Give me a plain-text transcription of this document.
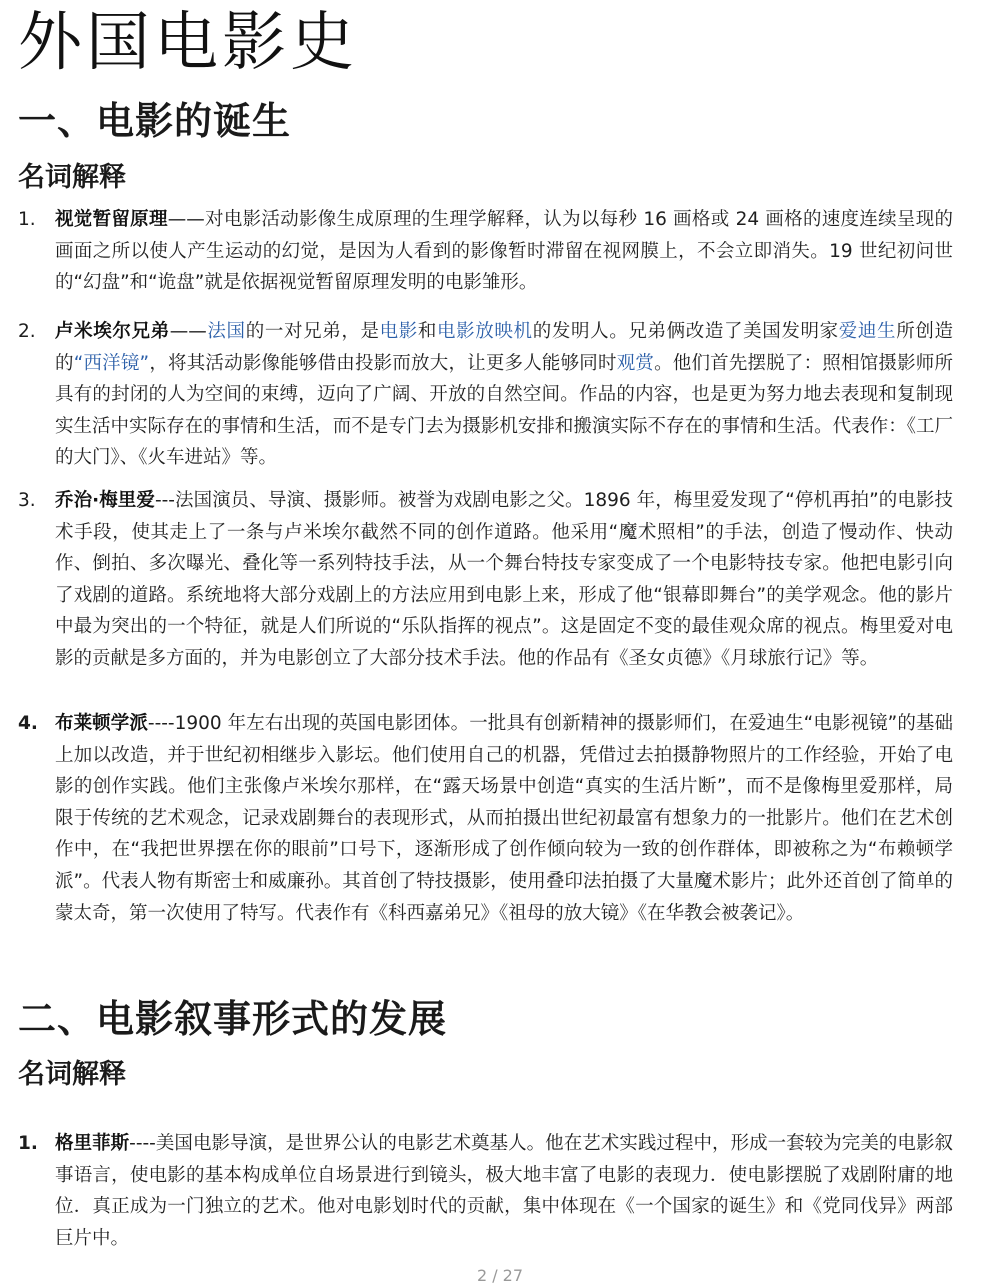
外国电影史
一、电影的诞生
名词解释
1. 视觉暂留原理——对电影活动影像生成原理的生理学解释，认为以每秒 16 画格或 24 画格的速度连续呈现的画面之所以使人产生运动的幻觉，是因为人看到的影像暂时滞留在视网膜上，不会立即消失。19 世纪初问世的“幻盘”和“诡盘”就是依据视觉暂留原理发明的电影雏形。
2. 卢米埃尔兄弟——法国的一对兄弟，是电影和电影放映机的发明人。兄弟俩改造了美国发明家爱迪生所创造的“西洋镜”，将其活动影像能够借由投影而放大，让更多人能够同时观赏。他们首先摆脱了：照相馆摄影师所具有的封闭的人为空间的束缚，迈向了广阔、开放的自然空间。作品的内容，也是更为努力地去表现和复制现实生活中实际存在的事情和生活，而不是专门去为摄影机安排和搬演实际不存在的事情和生活。代表作：《工厂的大门》、《火车进站》等。
3. 乔治·梅里爱---法国演员、导演、摄影师。被誉为戏剧电影之父。1896 年，梅里爱发现了“停机再拍”的电影技术手段，使其走上了一条与卢米埃尔截然不同的创作道路。他采用“魔术照相”的手法，创造了慢动作、快动作、倒拍、多次曝光、叠化等一系列特技手法，从一个舞台特技专家变成了一个电影特技专家。他把电影引向了戏剧的道路。系统地将大部分戏剧上的方法应用到电影上来，形成了他“银幕即舞台”的美学观念。他的影片中最为突出的一个特征，就是人们所说的“乐队指挥的视点”。这是固定不变的最佳观众席的视点。梅里爱对电影的贡献是多方面的，并为电影创立了大部分技术手法。他的作品有《圣女贞德》《月球旅行记》等。
4. 布莱顿学派----1900 年左右出现的英国电影团体。一批具有创新精神的摄影师们，在爱迪生“电影视镜”的基础上加以改造，并于世纪初相继步入影坛。他们使用自己的机器，凭借过去拍摄静物照片的工作经验，开始了电影的创作实践。他们主张像卢米埃尔那样，在“露天场景中创造“真实的生活片断”，而不是像梅里爱那样，局限于传统的艺术观念，记录戏剧舞台的表现形式，从而拍摄出世纪初最富有想象力的一批影片。他们在艺术创作中，在“我把世界摆在你的眼前”口号下，逐渐形成了创作倾向较为一致的创作群体，即被称之为“布赖顿学派”。代表人物有斯密士和威廉孙。其首创了特技摄影，使用叠印法拍摄了大量魔术影片；此外还首创了简单的蒙太奇，第一次使用了特写。代表作有《科西嘉弟兄》《祖母的放大镜》《在华教会被袭记》。
二、电影叙事形式的发展
名词解释
1. 格里菲斯----美国电影导演，是世界公认的电影艺术奠基人。他在艺术实践过程中，形成一套较为完美的电影叙事语言，使电影的基本构成单位自场景进行到镜头，极大地丰富了电影的表现力．使电影摆脱了戏剧附庸的地位．真正成为一门独立的艺术。他对电影划时代的贡献，集中体现在《一个国家的诞生》和《党同伐异》两部巨片中。
2 / 27
